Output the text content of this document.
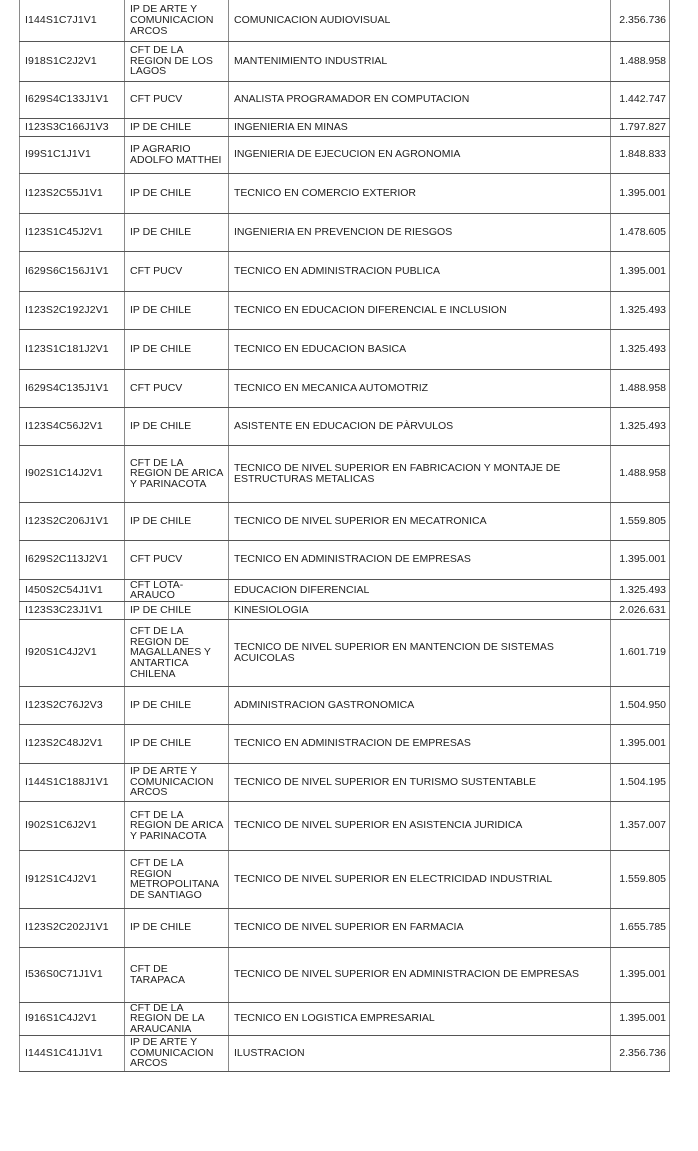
I144S1C7J1V1	IP DE ARTE Y COMUNICACION ARCOS	COMUNICACION AUDIOVISUAL	2.356.736
I918S1C2J2V1	CFT DE LA REGION DE LOS LAGOS	MANTENIMIENTO INDUSTRIAL	1.488.958
I629S4C133J1V1	CFT PUCV	ANALISTA PROGRAMADOR EN COMPUTACION	1.442.747
I123S3C166J1V3	IP DE CHILE	INGENIERIA EN MINAS	1.797.827
I99S1C1J1V1	IP AGRARIO ADOLFO MATTHEI	INGENIERIA DE EJECUCION EN AGRONOMIA	1.848.833
I123S2C55J1V1	IP DE CHILE	TECNICO EN COMERCIO EXTERIOR	1.395.001
I123S1C45J2V1	IP DE CHILE	INGENIERIA EN PREVENCION DE RIESGOS	1.478.605
I629S6C156J1V1	CFT PUCV	TECNICO EN ADMINISTRACION PUBLICA	1.395.001
I123S2C192J2V1	IP DE CHILE	TECNICO EN EDUCACION DIFERENCIAL E INCLUSION	1.325.493
I123S1C181J2V1	IP DE CHILE	TECNICO EN EDUCACION BASICA	1.325.493
I629S4C135J1V1	CFT PUCV	TECNICO EN MECANICA AUTOMOTRIZ	1.488.958
I123S4C56J2V1	IP DE CHILE	ASISTENTE EN EDUCACION DE PÀRVULOS	1.325.493
I902S1C14J2V1	CFT DE LA REGION DE ARICA Y PARINACOTA	TECNICO DE NIVEL SUPERIOR EN FABRICACION Y MONTAJE DE ESTRUCTURAS METALICAS	1.488.958
I123S2C206J1V1	IP DE CHILE	TECNICO DE NIVEL SUPERIOR EN MECATRONICA	1.559.805
I629S2C113J2V1	CFT PUCV	TECNICO EN ADMINISTRACION DE EMPRESAS	1.395.001
I450S2C54J1V1	CFT LOTA-ARAUCO	EDUCACION DIFERENCIAL	1.325.493
I123S3C23J1V1	IP DE CHILE	KINESIOLOGIA	2.026.631
I920S1C4J2V1	CFT DE LA REGION DE MAGALLANES Y ANTARTICA CHILENA	TECNICO DE NIVEL SUPERIOR EN MANTENCION DE SISTEMAS ACUICOLAS	1.601.719
I123S2C76J2V3	IP DE CHILE	ADMINISTRACION GASTRONOMICA	1.504.950
I123S2C48J2V1	IP DE CHILE	TECNICO EN ADMINISTRACION DE EMPRESAS	1.395.001
I144S1C188J1V1	IP DE ARTE Y COMUNICACION ARCOS	TECNICO DE NIVEL SUPERIOR EN TURISMO SUSTENTABLE	1.504.195
I902S1C6J2V1	CFT DE LA REGION DE ARICA Y PARINACOTA	TECNICO DE NIVEL SUPERIOR EN ASISTENCIA JURIDICA	1.357.007
I912S1C4J2V1	CFT DE LA REGION METROPOLITANA DE SANTIAGO	TECNICO DE NIVEL SUPERIOR EN ELECTRICIDAD INDUSTRIAL	1.559.805
I123S2C202J1V1	IP DE CHILE	TECNICO DE NIVEL SUPERIOR EN FARMACIA	1.655.785
I536S0C71J1V1	CFT DE TARAPACA	TECNICO DE NIVEL SUPERIOR EN ADMINISTRACION DE EMPRESAS	1.395.001
I916S1C4J2V1	CFT DE LA REGION DE LA ARAUCANIA	TECNICO EN LOGISTICA EMPRESARIAL	1.395.001
I144S1C41J1V1	IP DE ARTE Y COMUNICACION ARCOS	ILUSTRACION	2.356.736
